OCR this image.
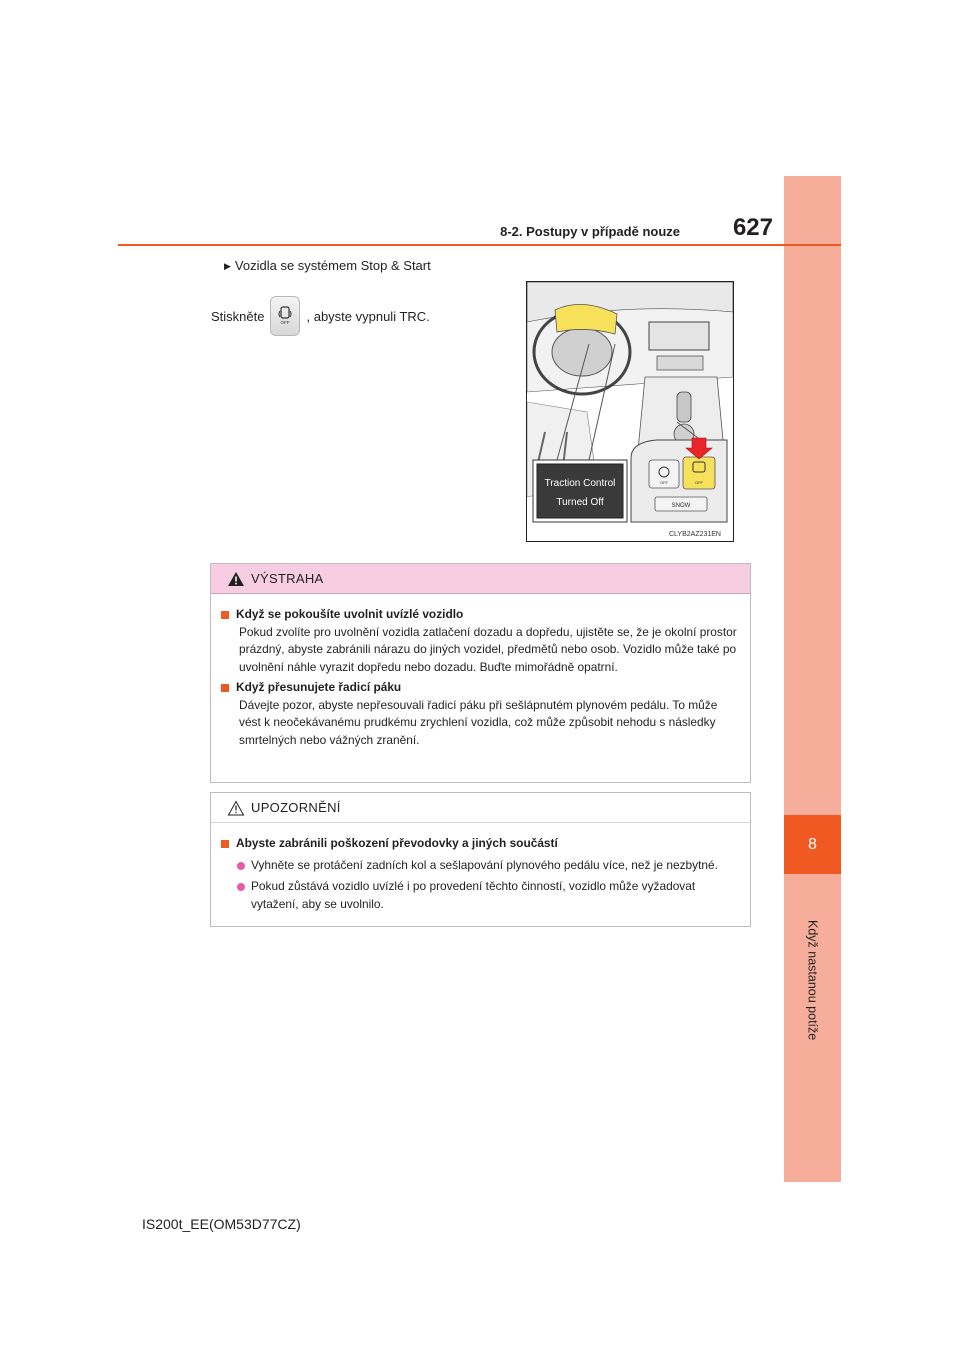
8
Když nastanou potíže
8-2. Postupy v případě nouze 627
▶ Vozidla se systémem Stop & Start
Stiskněte	OFF , abyste vypnuli TRC.
Traction Control
Turned Off
OFF	OFF
SNOW
CLYB2AZ231EN
VÝSTRAHA
Když se pokoušíte uvolnit uvízlé vozidlo
Pokud zvolíte pro uvolnění vozidla zatlačení dozadu a dopředu, ujistěte se, že je okolní prostor prázdný, abyste zabránili nárazu do jiných vozidel, předmětů nebo osob. Vozidlo může také po uvolnění náhle vyrazit dopředu nebo dozadu. Buďte mimořádně opatrní.
Když přesunujete řadicí páku
Dávejte pozor, abyste nepřesouvali řadicí páku při sešlápnutém plynovém pedálu. To může vést k neočekávanému prudkému zrychlení vozidla, což může způsobit nehodu s následky smrtelných nebo vážných zranění.
UPOZORNĚNÍ
Abyste zabránili poškození převodovky a jiných součástí
Vyhněte se protáčení zadních kol a sešlapování plynového pedálu více, než je nezbytné.
Pokud zůstává vozidlo uvízlé i po provedení těchto činností, vozidlo může vyžadovat vytažení, aby se uvolnilo.
IS200t_EE(OM53D77CZ)
